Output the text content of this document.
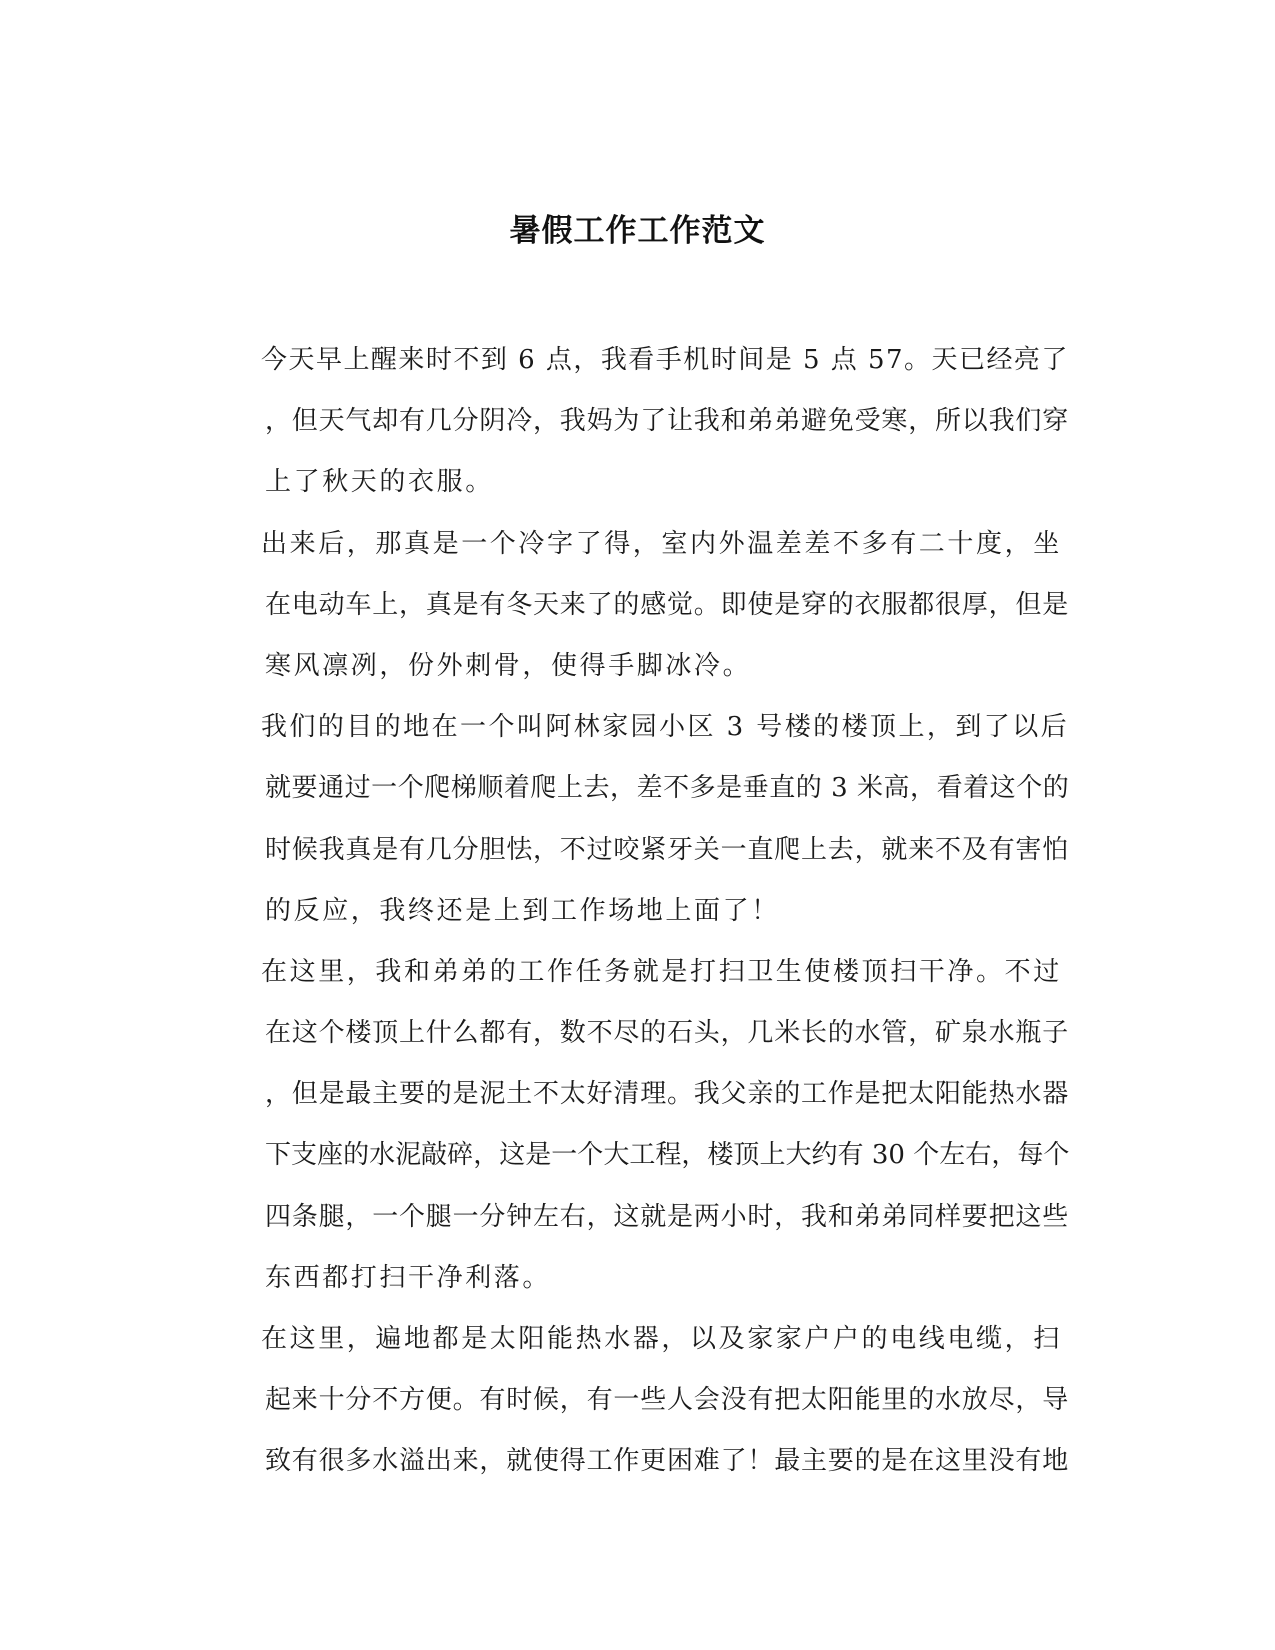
暑假工作工作范文
今天早上醒来时不到 6 点，我看手机时间是 5 点 57。天已经亮了
，但天气却有几分阴冷，我妈为了让我和弟弟避免受寒，所以我们穿
上了秋天的衣服。
出来后，那真是一个冷字了得，室内外温差差不多有二十度，坐
在电动车上，真是有冬天来了的感觉。即使是穿的衣服都很厚，但是
寒风凛冽，份外刺骨，使得手脚冰冷。
我们的目的地在一个叫阿林家园小区 3 号楼的楼顶上，到了以后
就要通过一个爬梯顺着爬上去，差不多是垂直的 3 米高，看着这个的
时候我真是有几分胆怯，不过咬紧牙关一直爬上去，就来不及有害怕
的反应，我终还是上到工作场地上面了！
在这里，我和弟弟的工作任务就是打扫卫生使楼顶扫干净。不过
在这个楼顶上什么都有，数不尽的石头，几米长的水管，矿泉水瓶子
，但是最主要的是泥土不太好清理。我父亲的工作是把太阳能热水器
下支座的水泥敲碎，这是一个大工程，楼顶上大约有 30 个左右，每个
四条腿，一个腿一分钟左右，这就是两小时，我和弟弟同样要把这些
东西都打扫干净利落。
在这里，遍地都是太阳能热水器，以及家家户户的电线电缆，扫
起来十分不方便。有时候，有一些人会没有把太阳能里的水放尽，导
致有很多水溢出来，就使得工作更困难了！最主要的是在这里没有地
